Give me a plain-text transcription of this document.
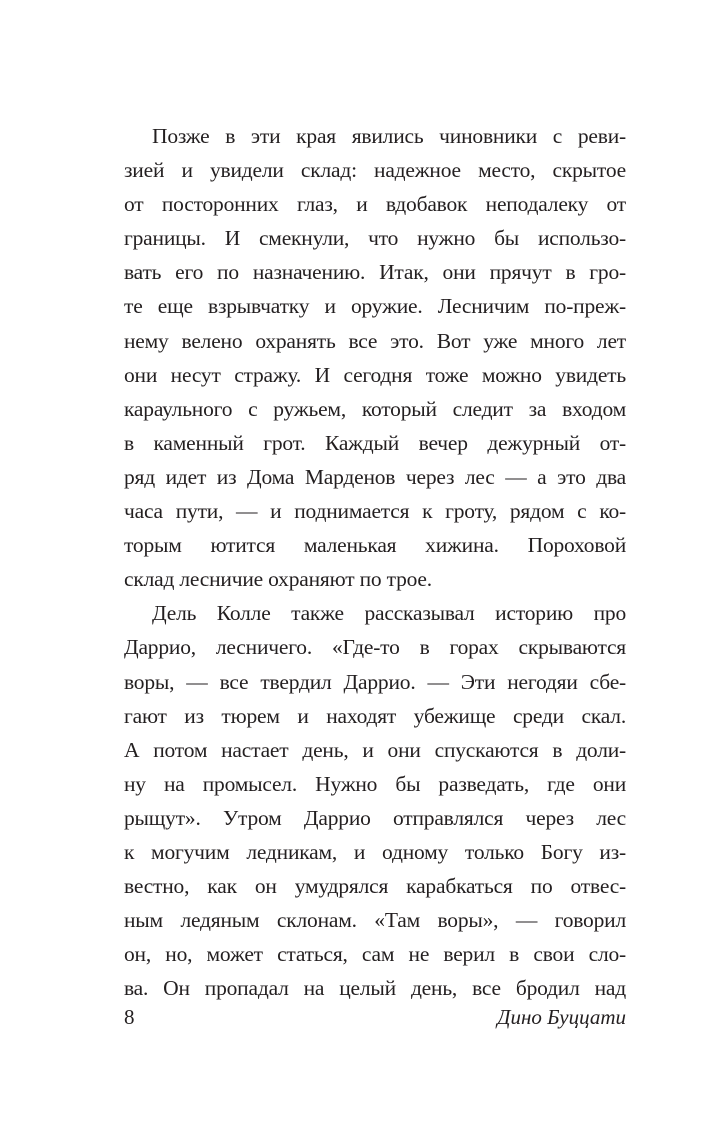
Позже в эти края явились чиновники с реви-
зией и увидели склад: надежное место, скрытое
от посторонних глаз, и вдобавок неподалеку от
границы. И смекнули, что нужно бы использо-
вать его по назначению. Итак, они прячут в гро-
те еще взрывчатку и оружие. Лесничим по-преж-
нему велено охранять все это. Вот уже много лет
они несут стражу. И сегодня тоже можно увидеть
караульного с ружьем, который следит за входом
в каменный грот. Каждый вечер дежурный от-
ряд идет из Дома Марденов через лес — а это два
часа пути, — и поднимается к гроту, рядом с ко-
торым ютится маленькая хижина. Пороховой
склад лесничие охраняют по трое.
Дель Колле также рассказывал историю про
Даррио, лесничего. «Где-то в горах скрываются
воры, — все твердил Даррио. — Эти негодяи сбе-
гают из тюрем и находят убежище среди скал.
А потом настает день, и они спускаются в доли-
ну на промысел. Нужно бы разведать, где они
рыщут». Утром Даррио отправлялся через лес
к могучим ледникам, и одному только Богу из-
вестно, как он умудрялся карабкаться по отвес-
ным ледяным склонам. «Там воры», — говорил
он, но, может статься, сам не верил в свои сло-
ва. Он пропадал на целый день, все бродил над
8	Дино Буццати
